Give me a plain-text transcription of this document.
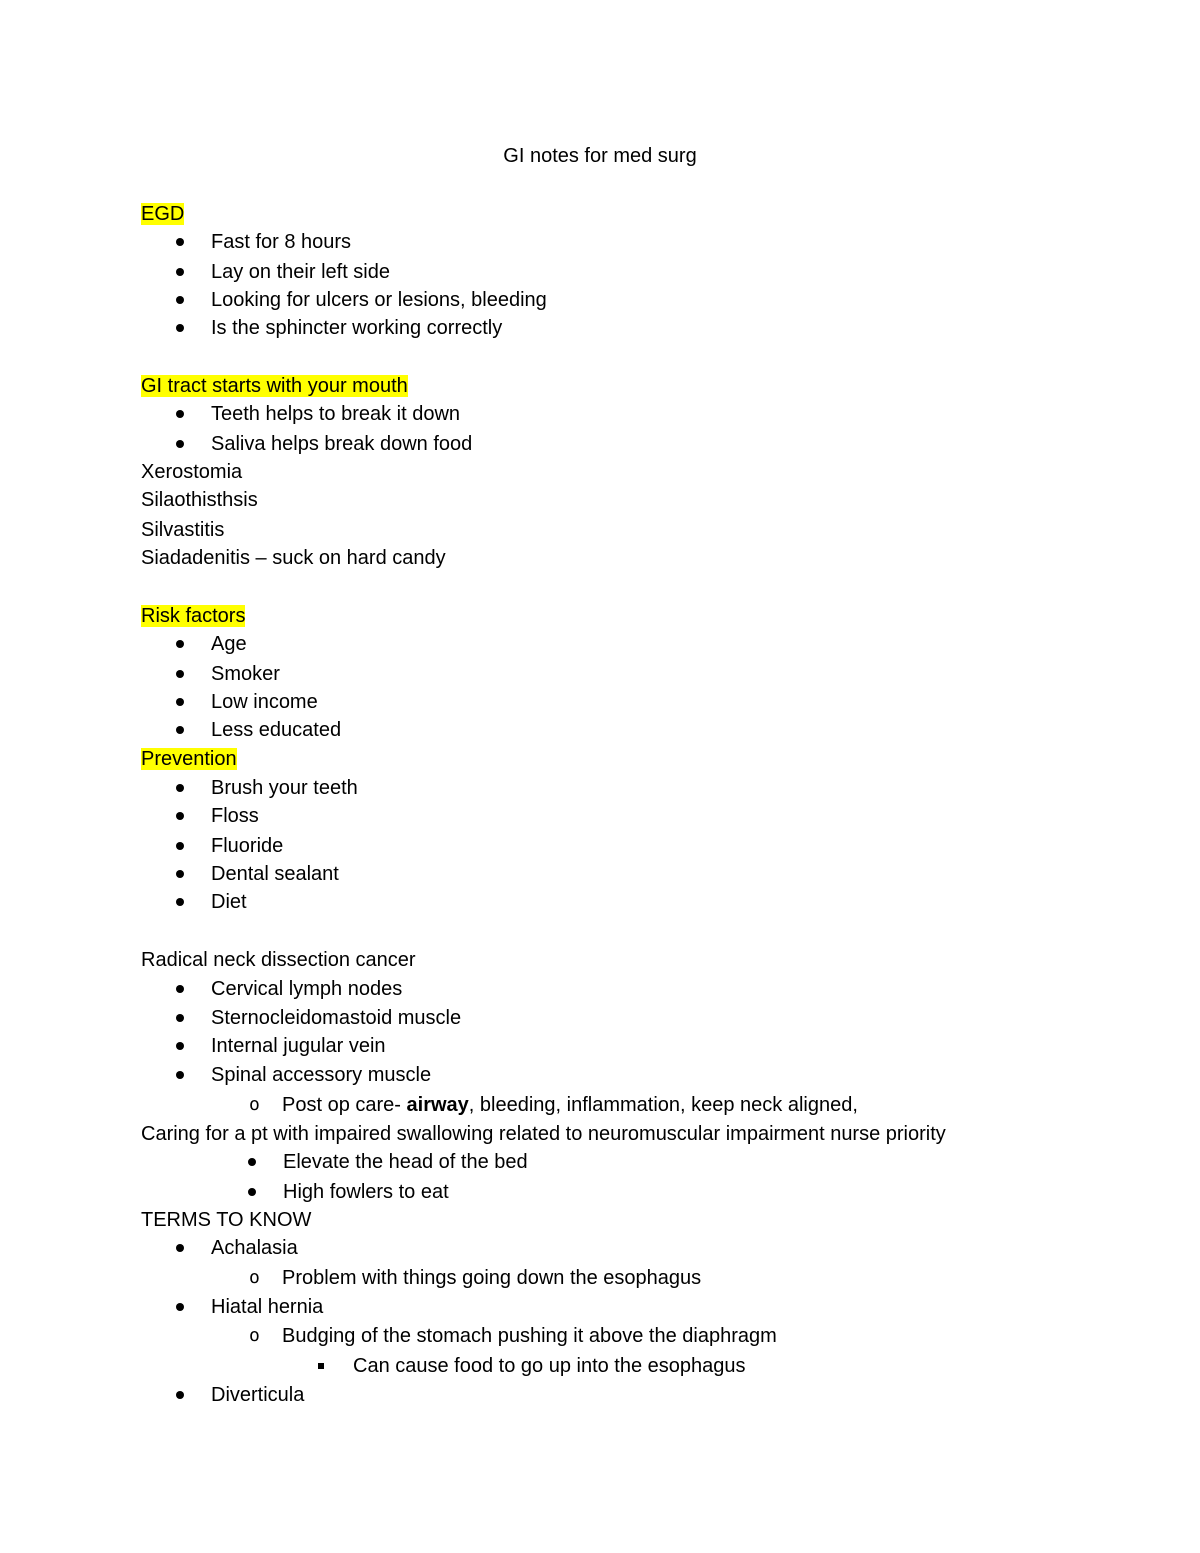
GI notes for med surg
EGD
Fast for 8 hours
Lay on their left side
Looking for ulcers or lesions, bleeding
Is the sphincter working correctly
GI tract starts with your mouth
Teeth helps to break it down
Saliva helps break down food
Xerostomia
Silaothisthsis
Silvastitis
Siadadenitis – suck on hard candy
Risk factors
Age
Smoker
Low income
Less educated
Prevention
Brush your teeth
Floss
Fluoride
Dental sealant
Diet
Radical neck dissection cancer
Cervical lymph nodes
Sternocleidomastoid muscle
Internal jugular vein
Spinal accessory muscle
o Post op care- airway, bleeding, inflammation, keep neck aligned,
Caring for a pt with impaired swallowing related to neuromuscular impairment nurse priority
Elevate the head of the bed
High fowlers to eat
TERMS TO KNOW
Achalasia
o Problem with things going down the esophagus
Hiatal hernia
o Budging of the stomach pushing it above the diaphragm
Can cause food to go up into the esophagus
Diverticula
